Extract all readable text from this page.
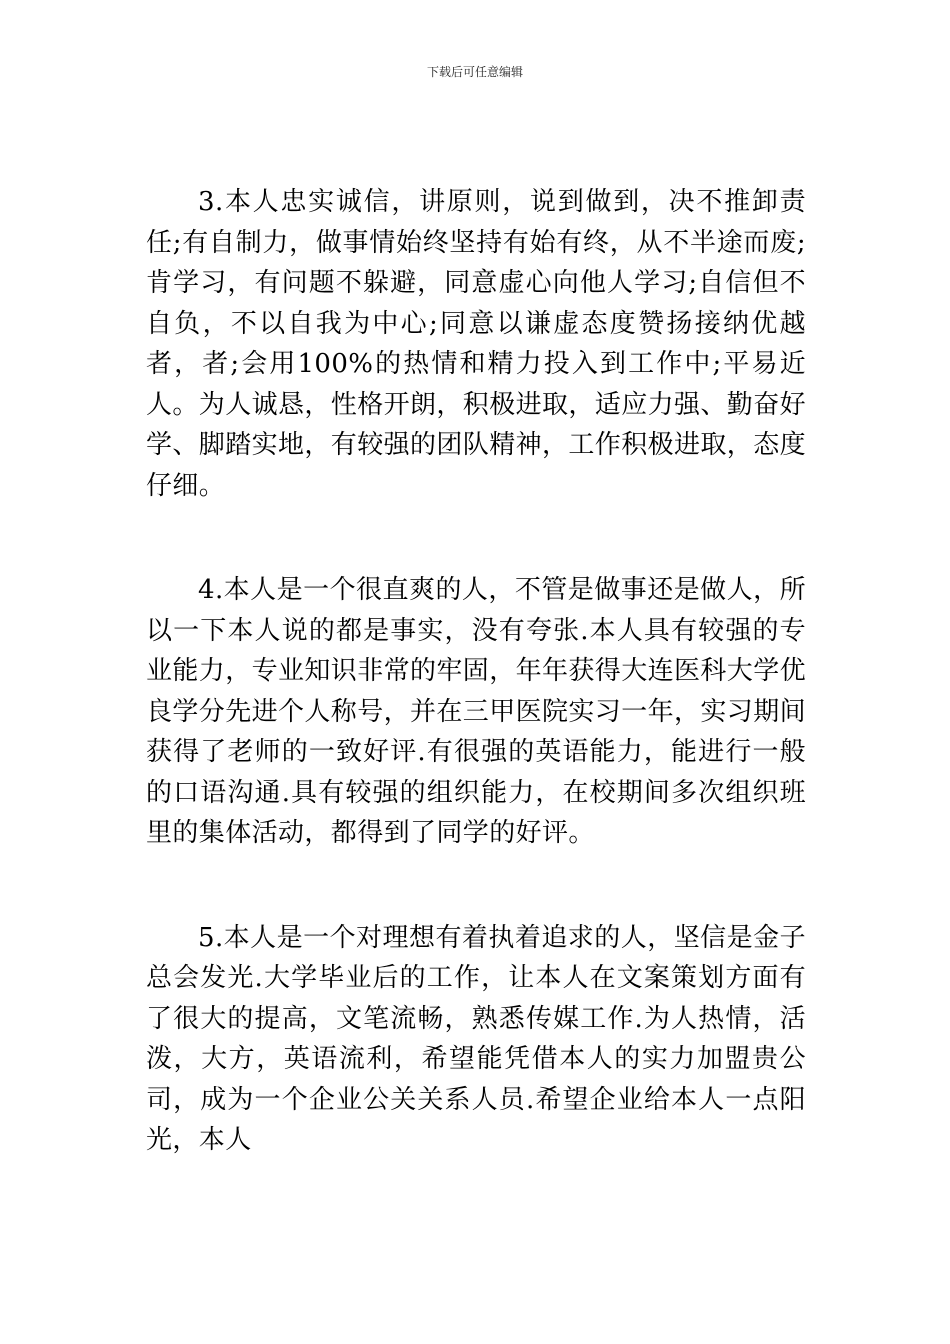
下载后可任意编辑

3.本人忠实诚信，讲原则，说到做到，决不推卸责任;有自制力，做事情始终坚持有始有终，从不半途而废;肯学习，有问题不躲避，同意虚心向他人学习;自信但不自负，不以自我为中心;同意以谦虚态度赞扬接纳优越者，者;会用100%的热情和精力投入到工作中;平易近人。为人诚恳，性格开朗，积极进取，适应力强、勤奋好学、脚踏实地，有较强的团队精神，工作积极进取，态度仔细。

4.本人是一个很直爽的人，不管是做事还是做人，所以一下本人说的都是事实，没有夸张.本人具有较强的专业能力，专业知识非常的牢固，年年获得大连医科大学优良学分先进个人称号，并在三甲医院实习一年，实习期间获得了老师的一致好评.有很强的英语能力，能进行一般的口语沟通.具有较强的组织能力，在校期间多次组织班里的集体活动，都得到了同学的好评。

5.本人是一个对理想有着执着追求的人，坚信是金子总会发光.大学毕业后的工作，让本人在文案策划方面有了很大的提高，文笔流畅，熟悉传媒工作.为人热情，活泼，大方，英语流利，希望能凭借本人的实力加盟贵公司，成为一个企业公关关系人员.希望企业给本人一点阳光，本人
